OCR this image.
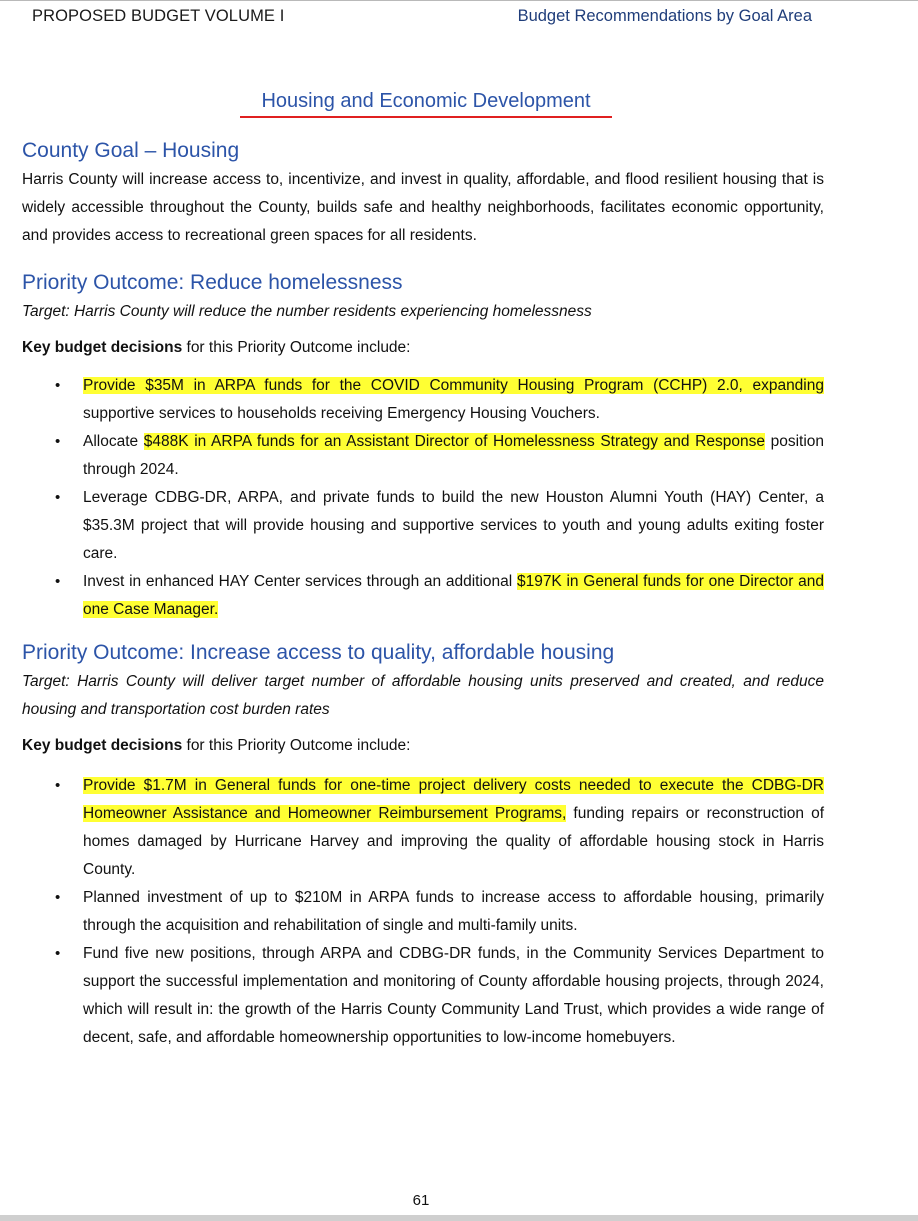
PROPOSED BUDGET VOLUME I	Budget Recommendations by Goal Area
Housing and Economic Development
County Goal – Housing

Harris County will increase access to, incentivize, and invest in quality, affordable, and flood resilient housing that is widely accessible throughout the County, builds safe and healthy neighborhoods, facilitates economic opportunity, and provides access to recreational green spaces for all residents.

Priority Outcome: Reduce homelessness

Target: Harris County will reduce the number residents experiencing homelessness

Key budget decisions for this Priority Outcome include:

•	Provide $35M in ARPA funds for the COVID Community Housing Program (CCHP) 2.0, expanding supportive services to households receiving Emergency Housing Vouchers.
•	Allocate $488K in ARPA funds for an Assistant Director of Homelessness Strategy and Response position through 2024.
•	Leverage CDBG-DR, ARPA, and private funds to build the new Houston Alumni Youth (HAY) Center, a $35.3M project that will provide housing and supportive services to youth and young adults exiting foster care.
•	Invest in enhanced HAY Center services through an additional $197K in General funds for one Director and one Case Manager.
Priority Outcome: Increase access to quality, affordable housing

Target: Harris County will deliver target number of affordable housing units preserved and created, and reduce housing and transportation cost burden rates

Key budget decisions for this Priority Outcome include:

•	Provide $1.7M in General funds for one-time project delivery costs needed to execute the CDBG-DR Homeowner Assistance and Homeowner Reimbursement Programs, funding repairs or reconstruction of homes damaged by Hurricane Harvey and improving the quality of affordable housing stock in Harris County.
•	Planned investment of up to $210M in ARPA funds to increase access to affordable housing, primarily through the acquisition and rehabilitation of single and multi-family units.
•	Fund five new positions, through ARPA and CDBG-DR funds, in the Community Services Department to support the successful implementation and monitoring of County affordable housing projects, through 2024, which will result in: the growth of the Harris County Community Land Trust, which provides a wide range of decent, safe, and affordable homeownership opportunities to low-income homebuyers.
61
